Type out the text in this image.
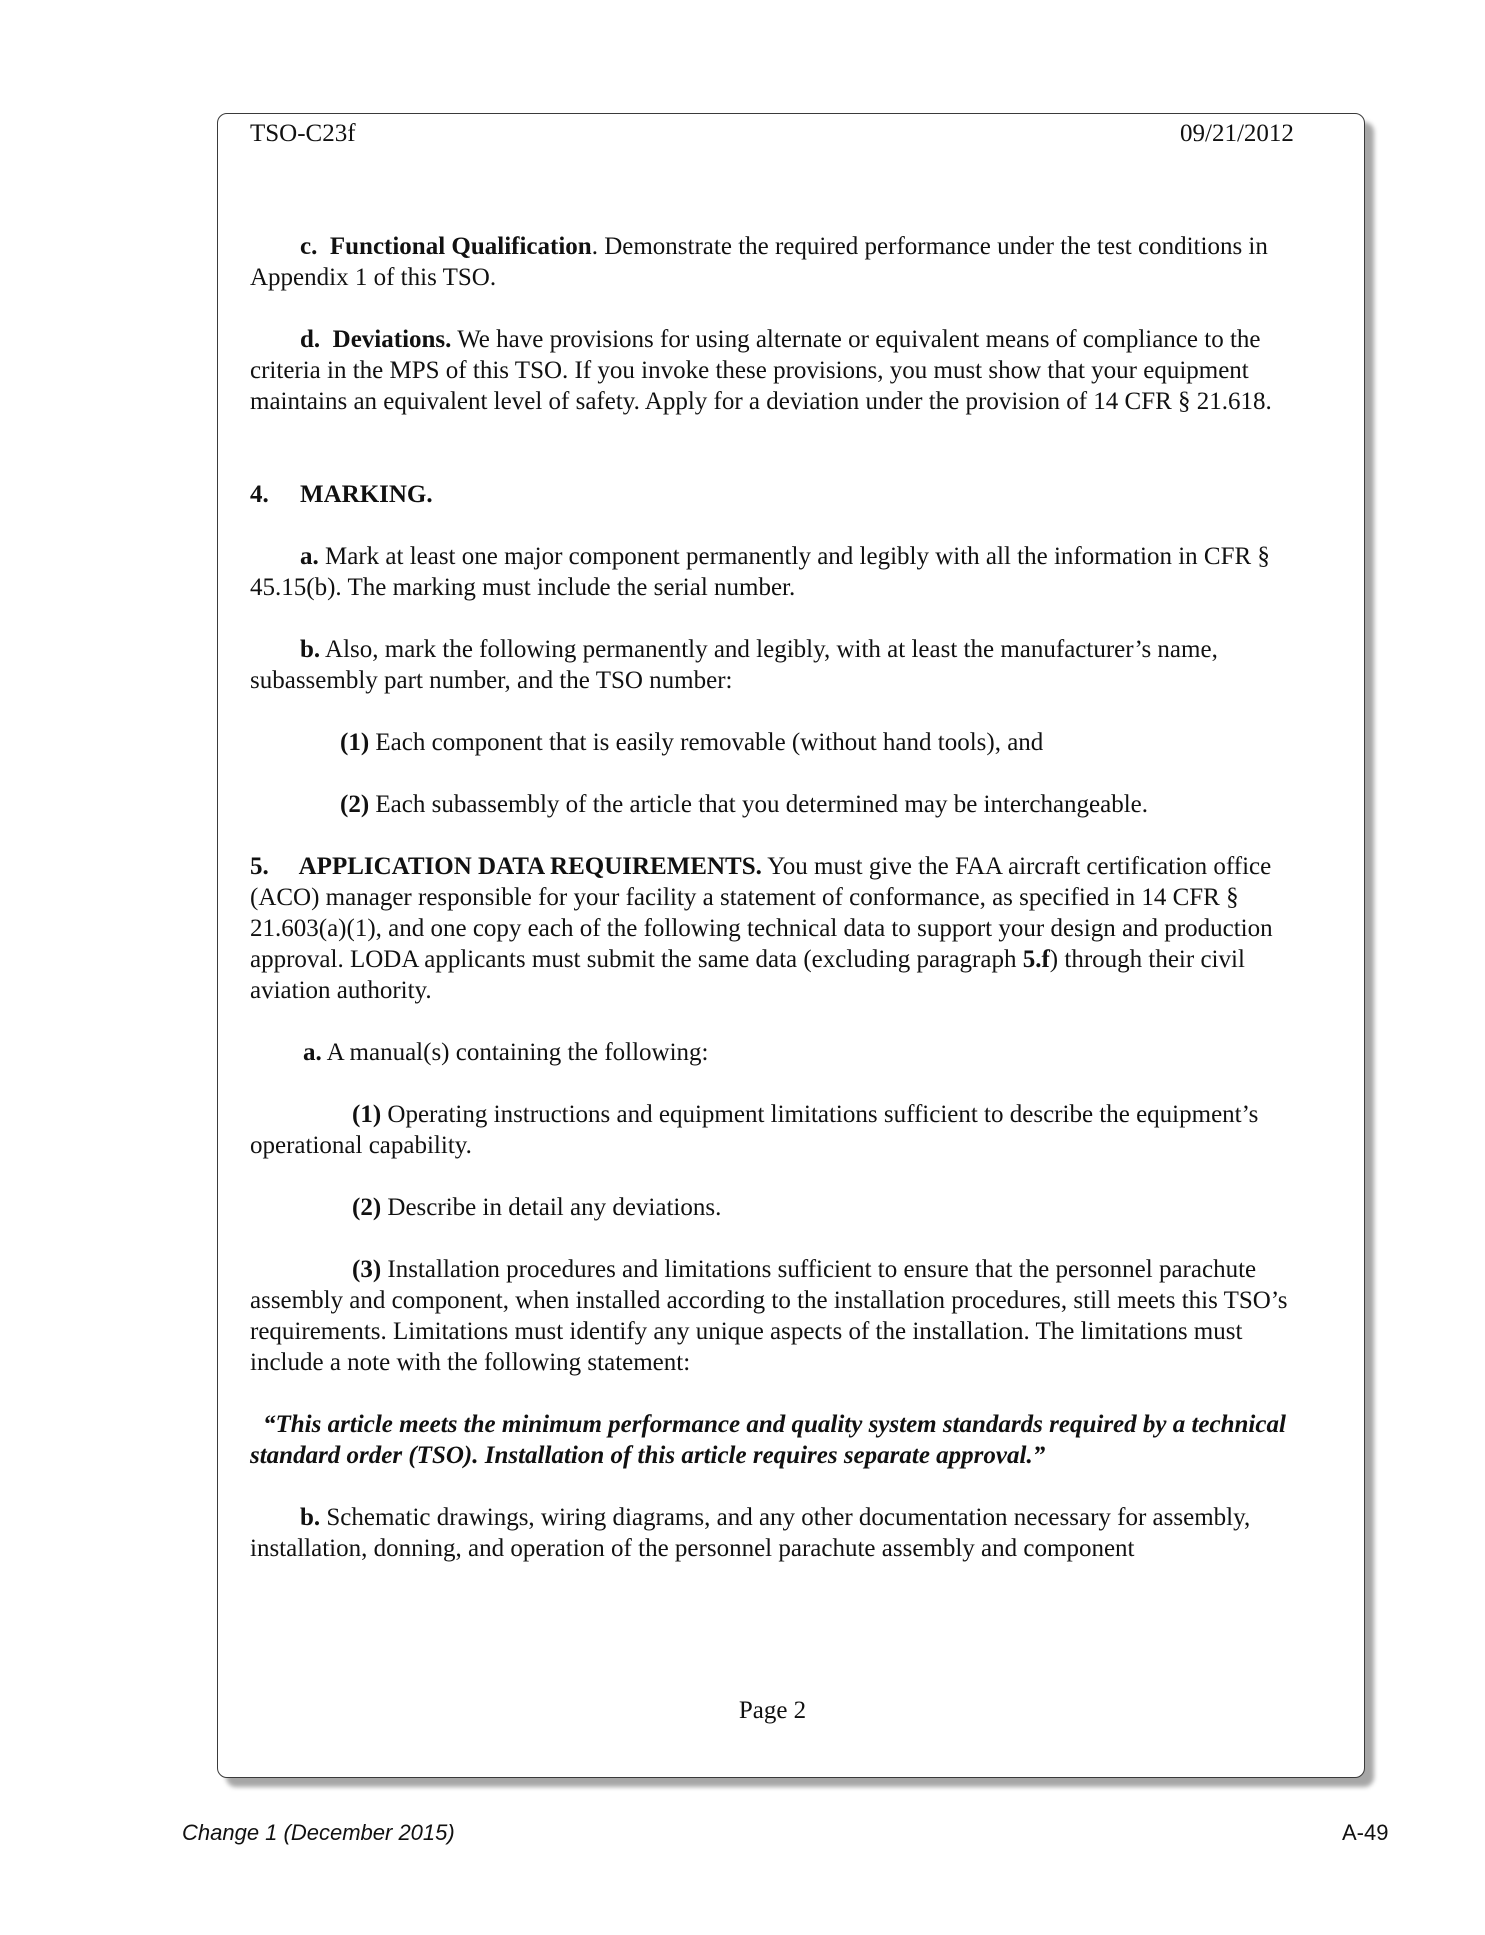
TSO-C23f	09/21/2012

c. Functional Qualification. Demonstrate the required performance under the test conditions in Appendix 1 of this TSO.

d. Deviations. We have provisions for using alternate or equivalent means of compliance to the criteria in the MPS of this TSO. If you invoke these provisions, you must show that your equipment maintains an equivalent level of safety. Apply for a deviation under the provision of 14 CFR § 21.618.

4.     MARKING.

a. Mark at least one major component permanently and legibly with all the information in CFR § 45.15(b). The marking must include the serial number.

b. Also, mark the following permanently and legibly, with at least the manufacturer’s name, subassembly part number, and the TSO number:

(1) Each component that is easily removable (without hand tools), and

(2) Each subassembly of the article that you determined may be interchangeable.

5.     APPLICATION DATA REQUIREMENTS. You must give the FAA aircraft certification office (ACO) manager responsible for your facility a statement of conformance, as specified in 14 CFR § 21.603(a)(1), and one copy each of the following technical data to support your design and production approval. LODA applicants must submit the same data (excluding paragraph 5.f) through their civil aviation authority.

a. A manual(s) containing the following:

(1) Operating instructions and equipment limitations sufficient to describe the equipment’s operational capability.

(2) Describe in detail any deviations.

(3) Installation procedures and limitations sufficient to ensure that the personnel parachute assembly and component, when installed according to the installation procedures, still meets this TSO’s requirements. Limitations must identify any unique aspects of the installation. The limitations must include a note with the following statement:

“This article meets the minimum performance and quality system standards required by a technical standard order (TSO). Installation of this article requires separate approval.”

b. Schematic drawings, wiring diagrams, and any other documentation necessary for assembly, installation, donning, and operation of the personnel parachute assembly and component

Page 2
Change 1 (December 2015)	A-49
